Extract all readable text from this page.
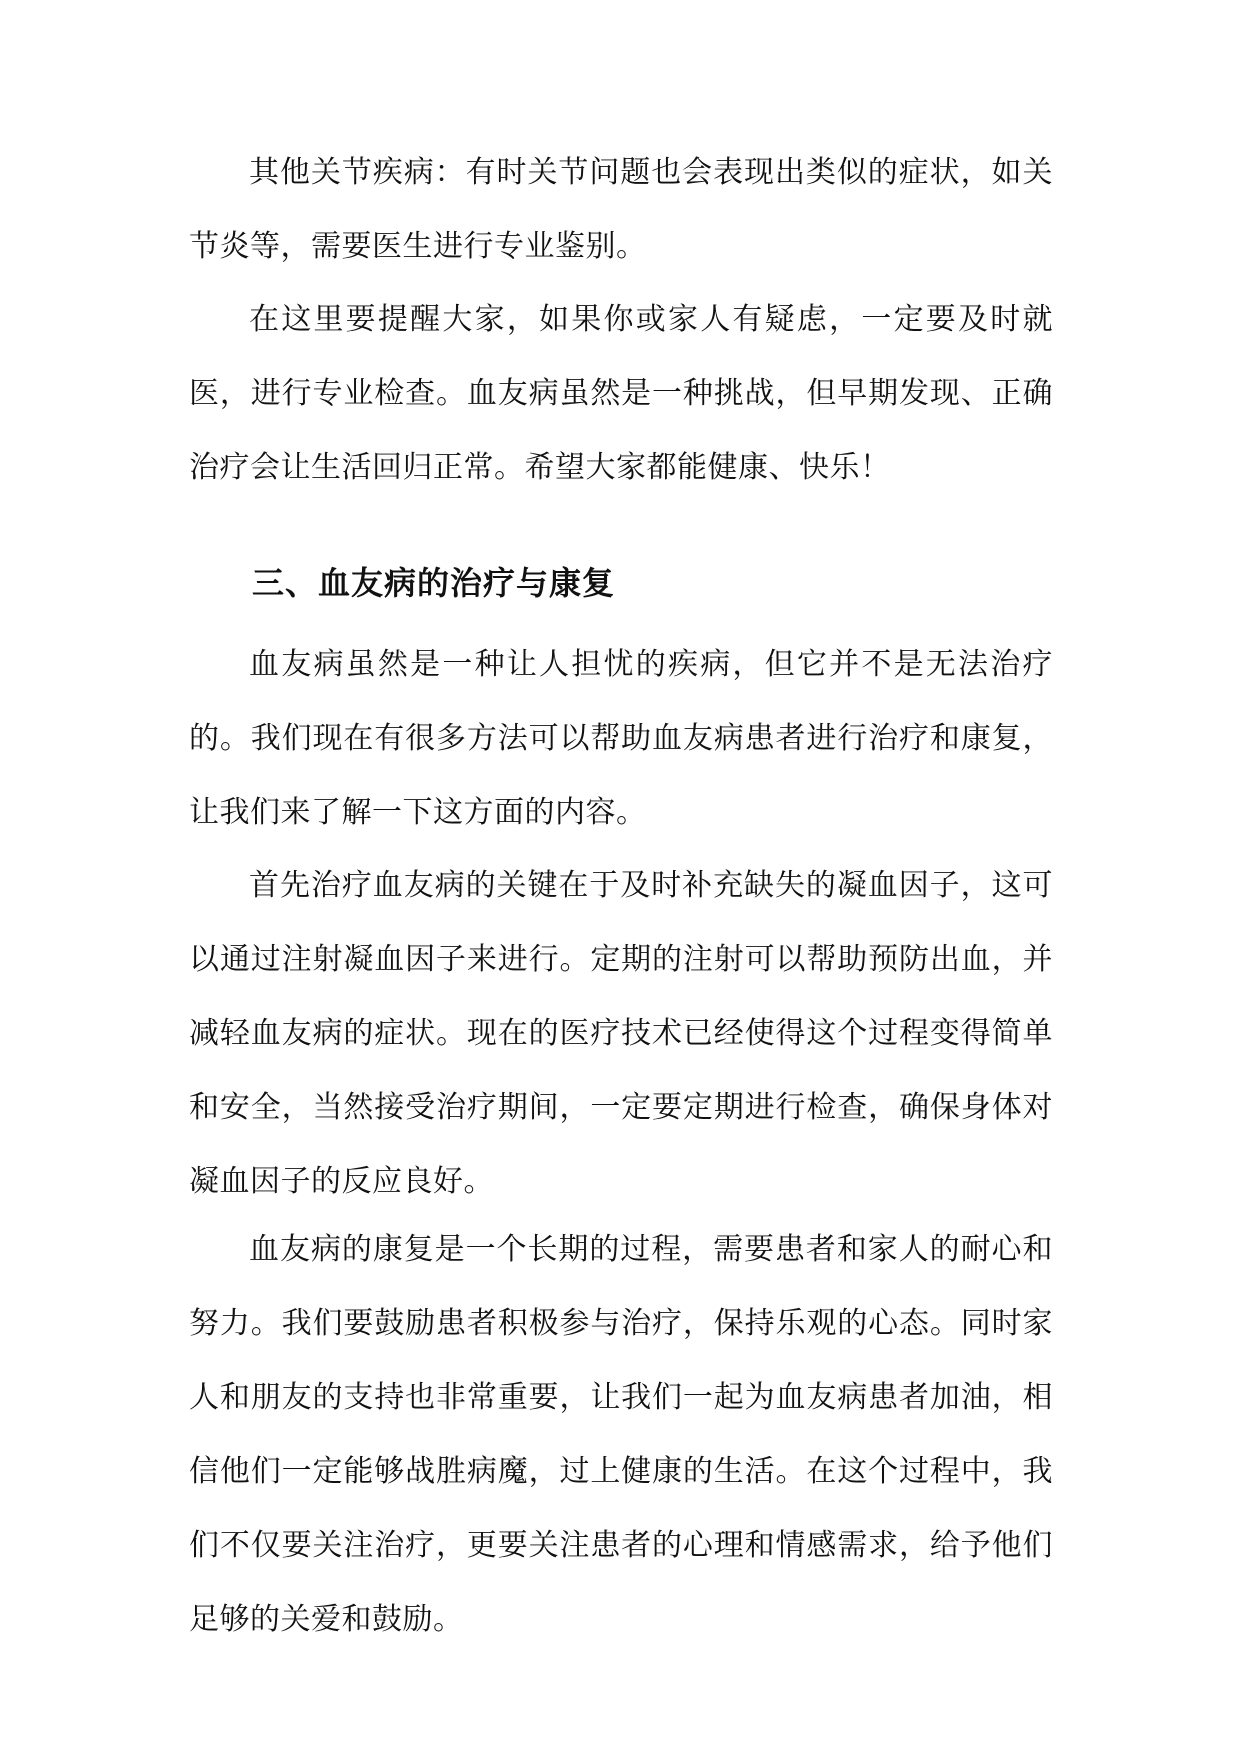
其他关节疾病：有时关节问题也会表现出类似的症状，如关节炎等，需要医生进行专业鉴别。

在这里要提醒大家，如果你或家人有疑虑，一定要及时就医，进行专业检查。血友病虽然是一种挑战，但早期发现、正确治疗会让生活回归正常。希望大家都能健康、快乐！

三、血友病的治疗与康复

血友病虽然是一种让人担忧的疾病，但它并不是无法治疗的。我们现在有很多方法可以帮助血友病患者进行治疗和康复，让我们来了解一下这方面的内容。

首先治疗血友病的关键在于及时补充缺失的凝血因子，这可以通过注射凝血因子来进行。定期的注射可以帮助预防出血，并减轻血友病的症状。现在的医疗技术已经使得这个过程变得简单和安全，当然接受治疗期间，一定要定期进行检查，确保身体对凝血因子的反应良好。

血友病的康复是一个长期的过程，需要患者和家人的耐心和努力。我们要鼓励患者积极参与治疗，保持乐观的心态。同时家人和朋友的支持也非常重要，让我们一起为血友病患者加油，相信他们一定能够战胜病魔，过上健康的生活。在这个过程中，我们不仅要关注治疗，更要关注患者的心理和情感需求，给予他们足够的关爱和鼓励。
